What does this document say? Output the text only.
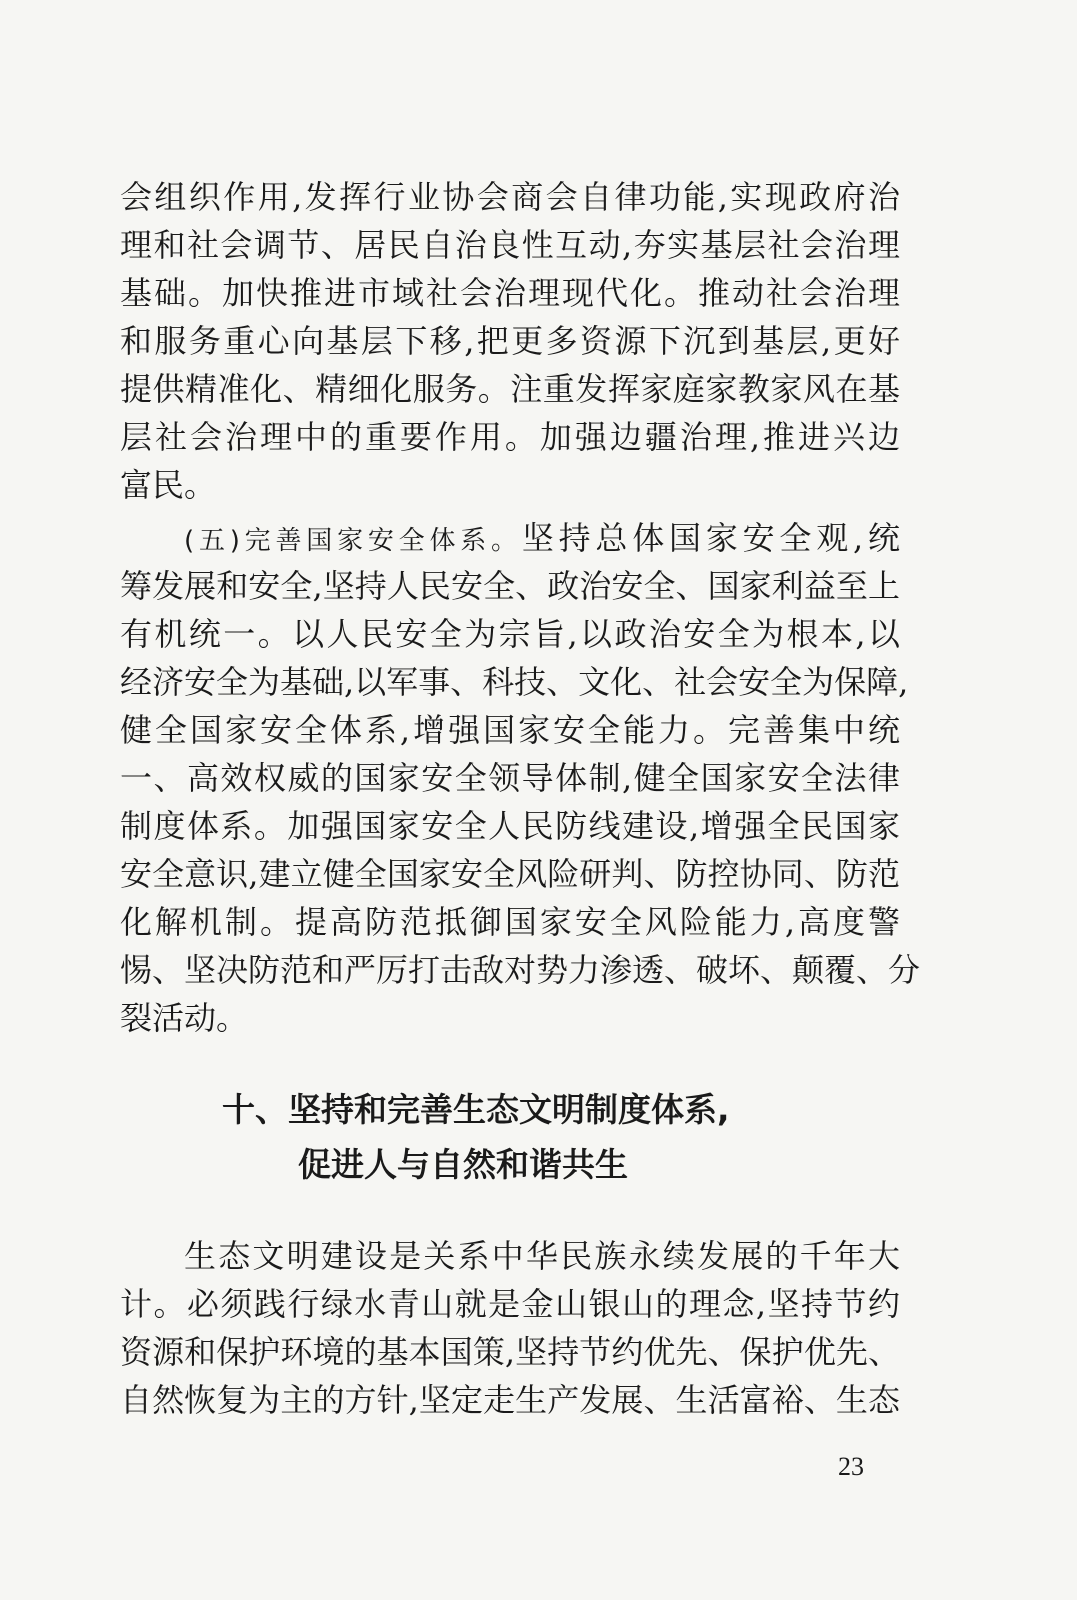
会组织作用,发挥行业协会商会自律功能,实现政府治
理和社会调节、居民自治良性互动,夯实基层社会治理
基础。加快推进市域社会治理现代化。推动社会治理
和服务重心向基层下移,把更多资源下沉到基层,更好
提供精准化、精细化服务。注重发挥家庭家教家风在基
层社会治理中的重要作用。加强边疆治理,推进兴边
富民。
(五)完善国家安全体系。坚持总体国家安全观,统
筹发展和安全,坚持人民安全、政治安全、国家利益至上
有机统一。以人民安全为宗旨,以政治安全为根本,以
经济安全为基础,以军事、科技、文化、社会安全为保障,
健全国家安全体系,增强国家安全能力。完善集中统
一、高效权威的国家安全领导体制,健全国家安全法律
制度体系。加强国家安全人民防线建设,增强全民国家
安全意识,建立健全国家安全风险研判、防控协同、防范
化解机制。提高防范抵御国家安全风险能力,高度警
惕、坚决防范和严厉打击敌对势力渗透、破坏、颠覆、分
裂活动。
十、坚持和完善生态文明制度体系,
促进人与自然和谐共生
生态文明建设是关系中华民族永续发展的千年大
计。必须践行绿水青山就是金山银山的理念,坚持节约
资源和保护环境的基本国策,坚持节约优先、保护优先、
自然恢复为主的方针,坚定走生产发展、生活富裕、生态
23
